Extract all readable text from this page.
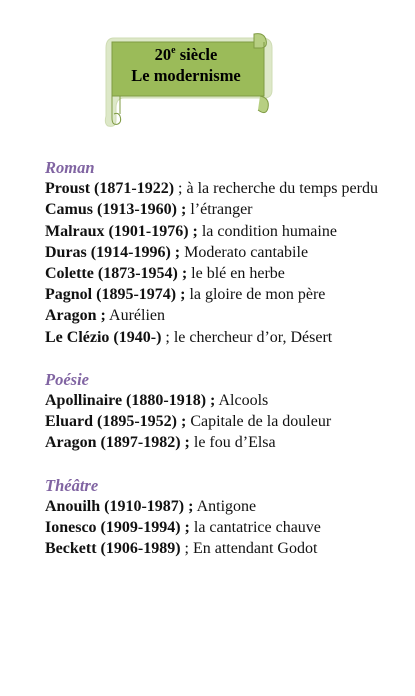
20e siècle
Le modernisme

Roman

Proust (1871-1922) ; à la recherche du temps perdu

Camus (1913-1960) ; l’étranger

Malraux (1901-1976) ; la condition humaine

Duras (1914-1996) ; Moderato cantabile

Colette (1873-1954) ; le blé en herbe

Pagnol (1895-1974) ; la gloire de mon père

Aragon ; Aurélien

Le Clézio (1940-) ; le chercheur d’or, Désert

Poésie

Apollinaire (1880-1918) ; Alcools

Eluard (1895-1952) ; Capitale de la douleur

Aragon (1897-1982) ; le fou d’Elsa

Théâtre

Anouilh (1910-1987) ; Antigone

Ionesco (1909-1994) ; la cantatrice chauve

Beckett (1906-1989) ; En attendant Godot
